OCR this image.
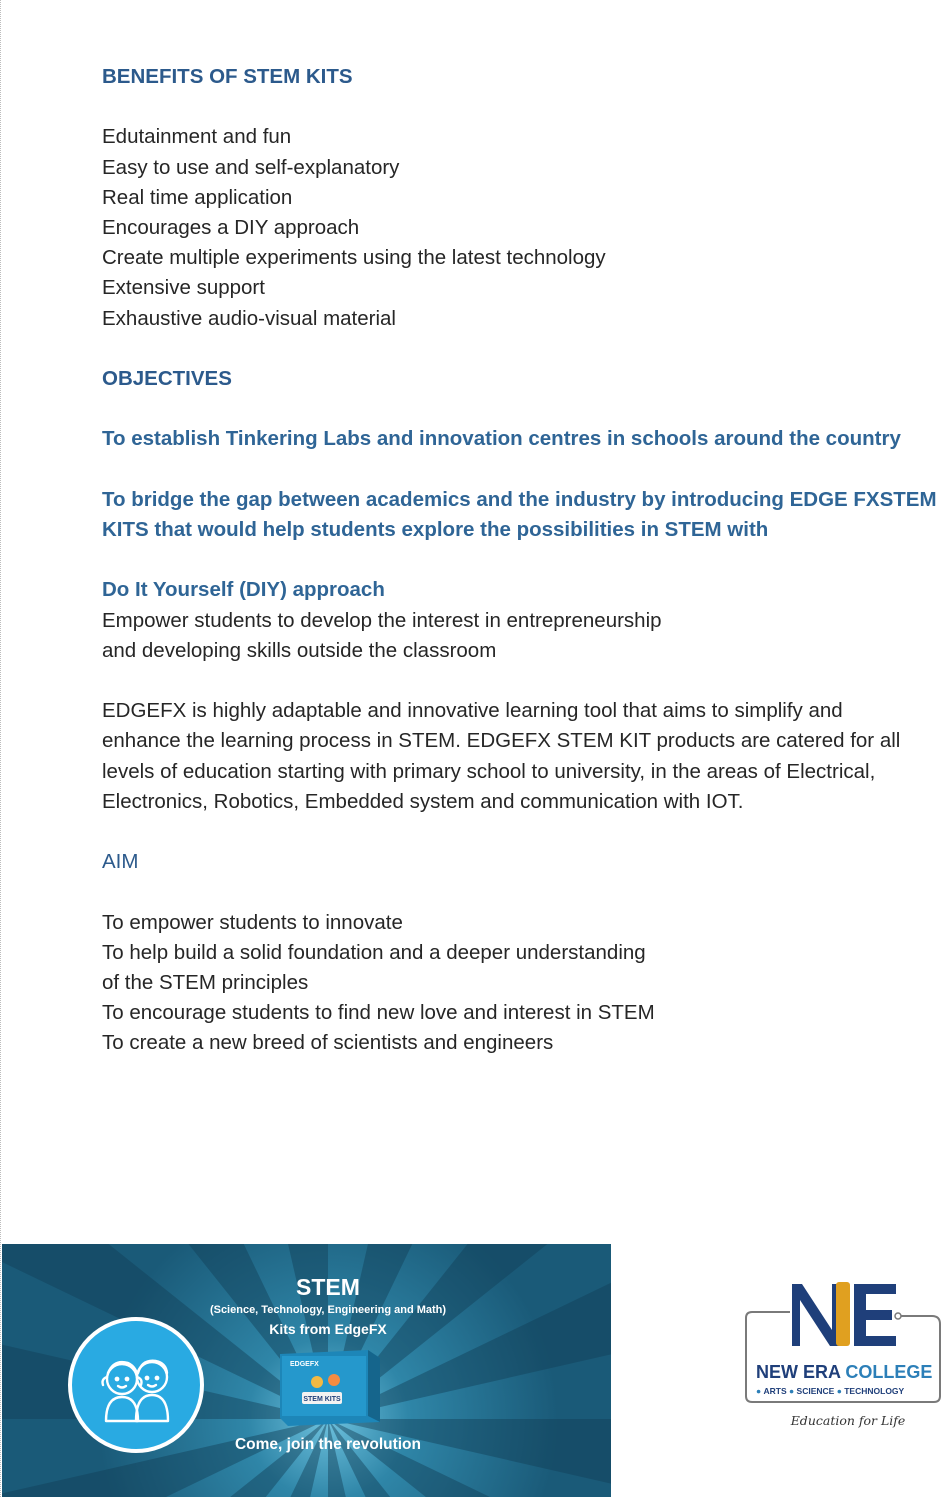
BENEFITS OF STEM KITS
Edutainment and fun
Easy to use and self-explanatory
Real time application
Encourages a DIY approach
Create multiple experiments using the latest technology
Extensive support
Exhaustive audio-visual material
OBJECTIVES
To establish Tinkering Labs and innovation centres in schools around the country
To bridge the gap between academics and the industry by introducing EDGE FXSTEM
KITS that would help students explore the possibilities in STEM with
Do It Yourself (DIY) approach
Empower students to develop the interest in entrepreneurship
and developing skills outside the classroom
EDGEFX is highly adaptable and innovative learning tool that aims to simplify and
enhance the learning process in STEM. EDGEFX STEM KIT products are catered for all
levels of education starting with primary school to university, in the areas of Electrical,
Electronics, Robotics, Embedded system and communication with IOT.
AIM
To empower students to innovate
To help build a solid foundation and a deeper understanding
of the STEM principles
To encourage students to find new love and interest in STEM
To create a new breed of scientists and engineers
STEM
(Science, Technology, Engineering and Math)
Kits from EdgeFX
EDGEFX
STEM KITS
Come, join the revolution
NEW ERA COLLEGE
● ARTS ● SCIENCE ● TECHNOLOGY
Education for Life
